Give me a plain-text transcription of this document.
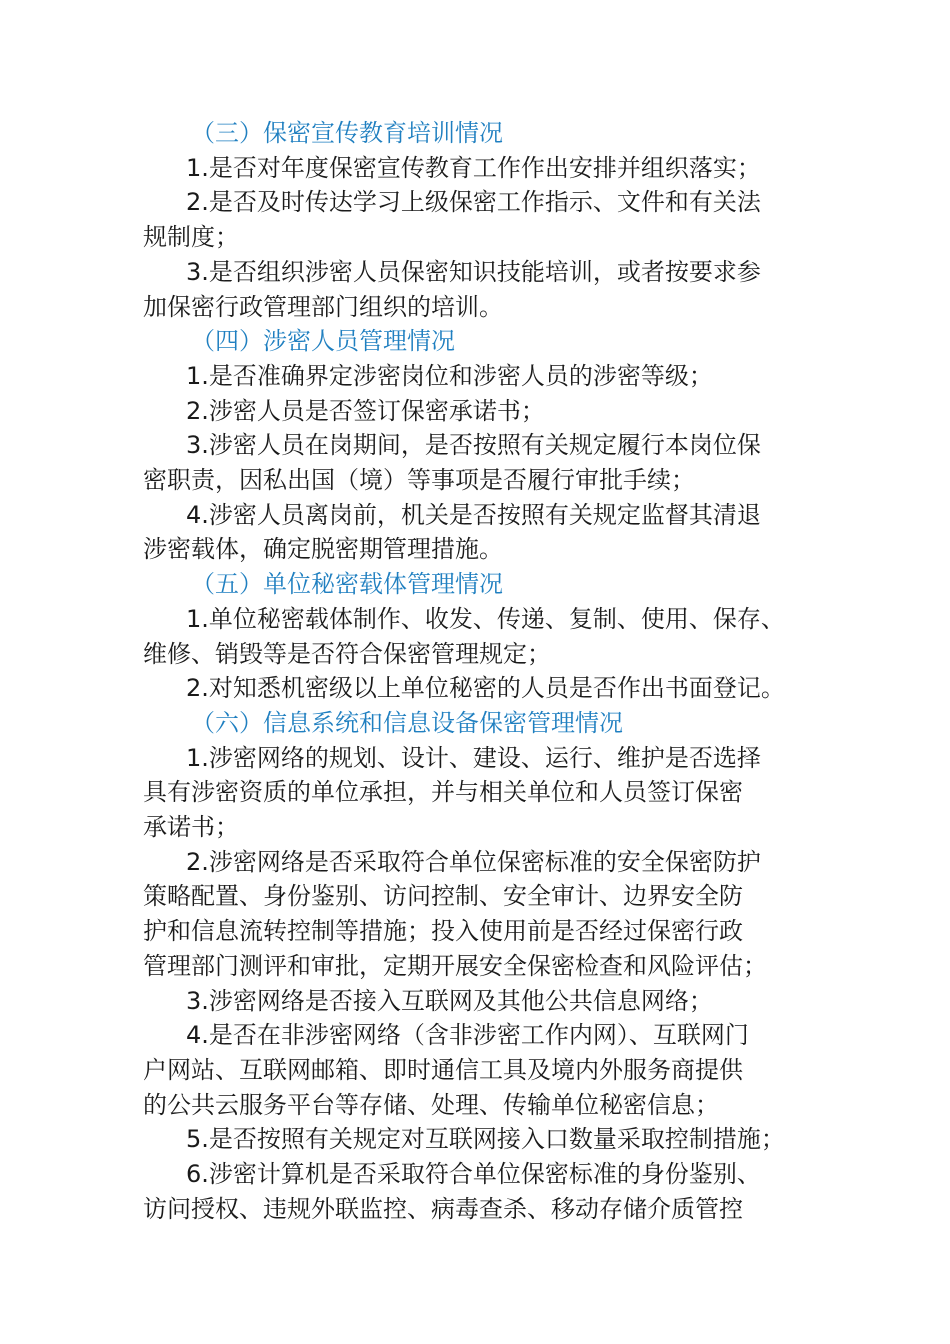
（三）保密宣传教育培训情况
1.是否对年度保密宣传教育工作作出安排并组织落实；
2.是否及时传达学习上级保密工作指示、文件和有关法
规制度；
3.是否组织涉密人员保密知识技能培训，或者按要求参
加保密行政管理部门组织的培训。
（四）涉密人员管理情况
1.是否准确界定涉密岗位和涉密人员的涉密等级；
2.涉密人员是否签订保密承诺书；
3.涉密人员在岗期间，是否按照有关规定履行本岗位保
密职责，因私出国（境）等事项是否履行审批手续；
4.涉密人员离岗前，机关是否按照有关规定监督其清退
涉密载体，确定脱密期管理措施。
（五）单位秘密载体管理情况
1.单位秘密载体制作、收发、传递、复制、使用、保存、
维修、销毁等是否符合保密管理规定；
2.对知悉机密级以上单位秘密的人员是否作出书面登记。
（六）信息系统和信息设备保密管理情况
1.涉密网络的规划、设计、建设、运行、维护是否选择
具有涉密资质的单位承担，并与相关单位和人员签订保密
承诺书；
2.涉密网络是否采取符合单位保密标准的安全保密防护
策略配置、身份鉴别、访问控制、安全审计、边界安全防
护和信息流转控制等措施；投入使用前是否经过保密行政
管理部门测评和审批，定期开展安全保密检查和风险评估；
3.涉密网络是否接入互联网及其他公共信息网络；
4.是否在非涉密网络（含非涉密工作内网）、互联网门
户网站、互联网邮箱、即时通信工具及境内外服务商提供
的公共云服务平台等存储、处理、传输单位秘密信息；
5.是否按照有关规定对互联网接入口数量采取控制措施；
6.涉密计算机是否采取符合单位保密标准的身份鉴别、
访问授权、违规外联监控、病毒查杀、移动存储介质管控
